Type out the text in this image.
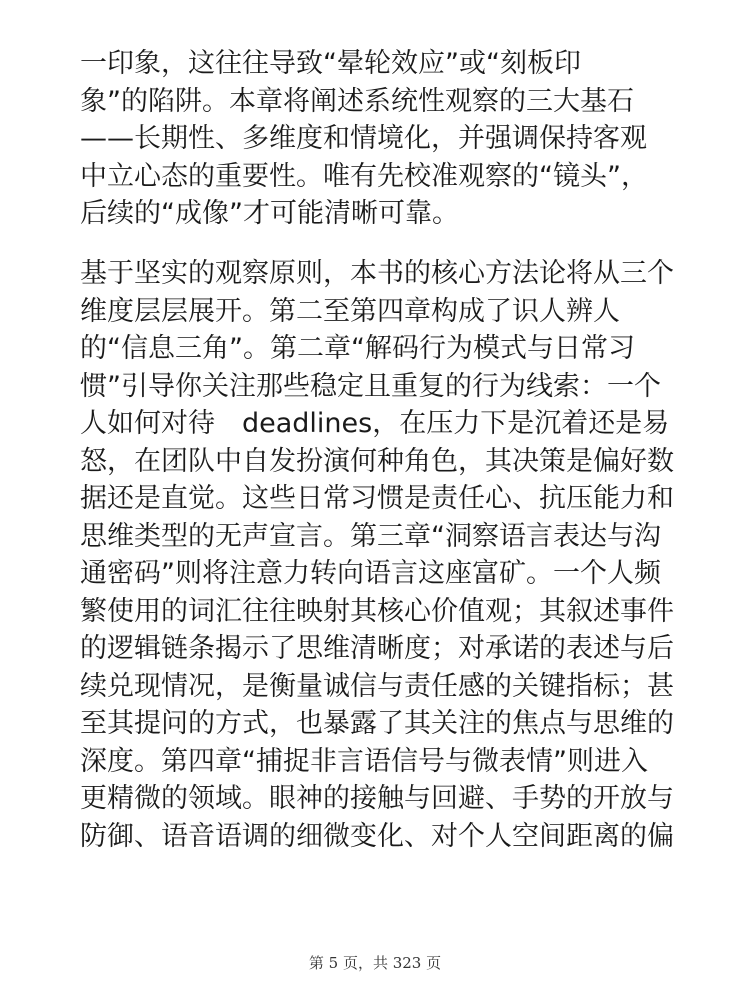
一印象，这往往导致“晕轮效应”或“刻板印
象”的陷阱。本章将阐述系统性观察的三大基石
——长期性、多维度和情境化，并强调保持客观
中立心态的重要性。唯有先校准观察的“镜头”，
后续的“成像”才可能清晰可靠。
基于坚实的观察原则，本书的核心方法论将从三个
维度层层展开。第二至第四章构成了识人辨人
的“信息三角”。第二章“解码行为模式与日常习
惯”引导你关注那些稳定且重复的行为线索：一个
人如何对待　deadlines，在压力下是沉着还是易
怒，在团队中自发扮演何种角色，其决策是偏好数
据还是直觉。这些日常习惯是责任心、抗压能力和
思维类型的无声宣言。第三章“洞察语言表达与沟
通密码”则将注意力转向语言这座富矿。一个人频
繁使用的词汇往往映射其核心价值观；其叙述事件
的逻辑链条揭示了思维清晰度；对承诺的表述与后
续兑现情况，是衡量诚信与责任感的关键指标；甚
至其提问的方式，也暴露了其关注的焦点与思维的
深度。第四章“捕捉非言语信号与微表情”则进入
更精微的领域。眼神的接触与回避、手势的开放与
防御、语音语调的细微变化、对个人空间距离的偏
第 5 页，共 323 页
